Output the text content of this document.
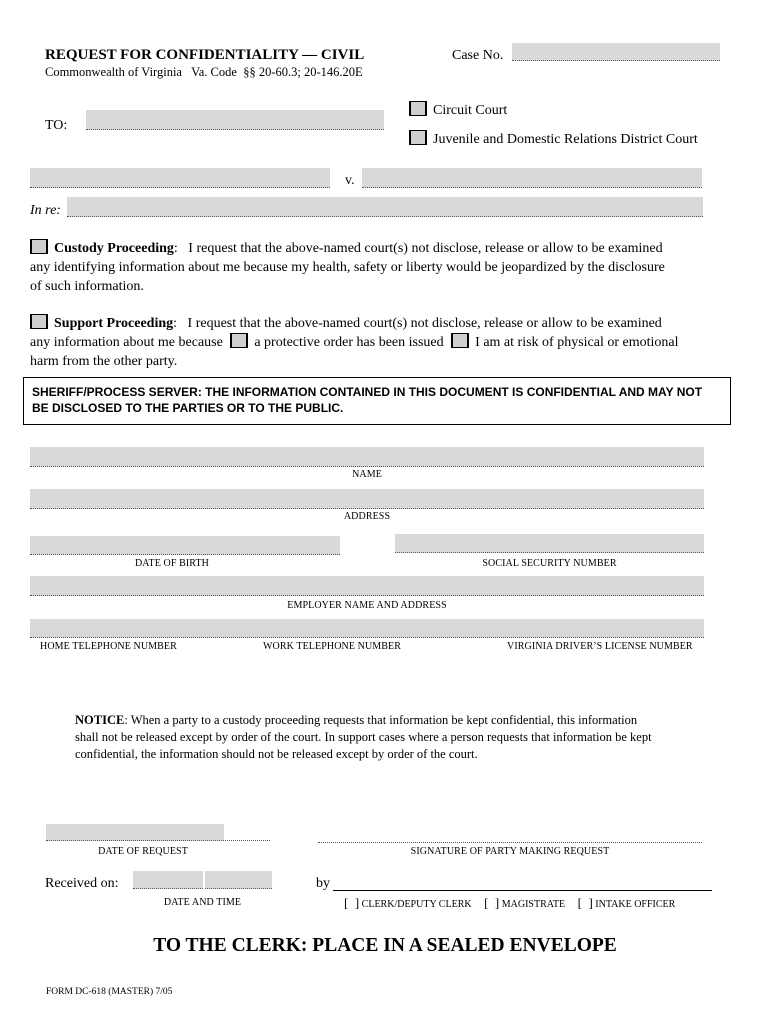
REQUEST FOR CONFIDENTIALITY — CIVIL
Commonwealth of Virginia   Va. Code  §§ 20-60.3; 20-146.20E
Case No.
Circuit Court
Juvenile and Domestic Relations District Court
TO:
v.
In re:
Custody Proceeding:   I request that the above-named court(s) not disclose, release or allow to be examined
any identifying information about me because my health, safety or liberty would be jeopardized by the disclosure
of such information.
Support Proceeding:   I request that the above-named court(s) not disclose, release or allow to be examined
any information about me because a protective order has been issued I am at risk of physical or emotional
harm from the other party.
SHERIFF/PROCESS SERVER: THE INFORMATION CONTAINED IN THIS DOCUMENT IS CONFIDENTIAL AND MAY NOT BE DISCLOSED TO THE PARTIES OR TO THE PUBLIC.
NAME
ADDRESS
DATE OF BIRTH	SOCIAL SECURITY NUMBER
EMPLOYER NAME AND ADDRESS
HOME TELEPHONE NUMBER	WORK TELEPHONE NUMBER	VIRGINIA DRIVER’S LICENSE NUMBER
NOTICE: When a party to a custody proceeding requests that information be kept confidential, this information
shall not be released except by order of the court. In support cases where a person requests that information be kept
confidential, the information should not be released except by order of the court.
DATE OF REQUEST	SIGNATURE OF PARTY MAKING REQUEST
Received on:
DATE AND TIME
by
[  ] CLERK/DEPUTY CLERK [  ] MAGISTRATE [  ] INTAKE OFFICER
TO THE CLERK: PLACE IN A SEALED ENVELOPE
FORM DC-618 (MASTER) 7/05
